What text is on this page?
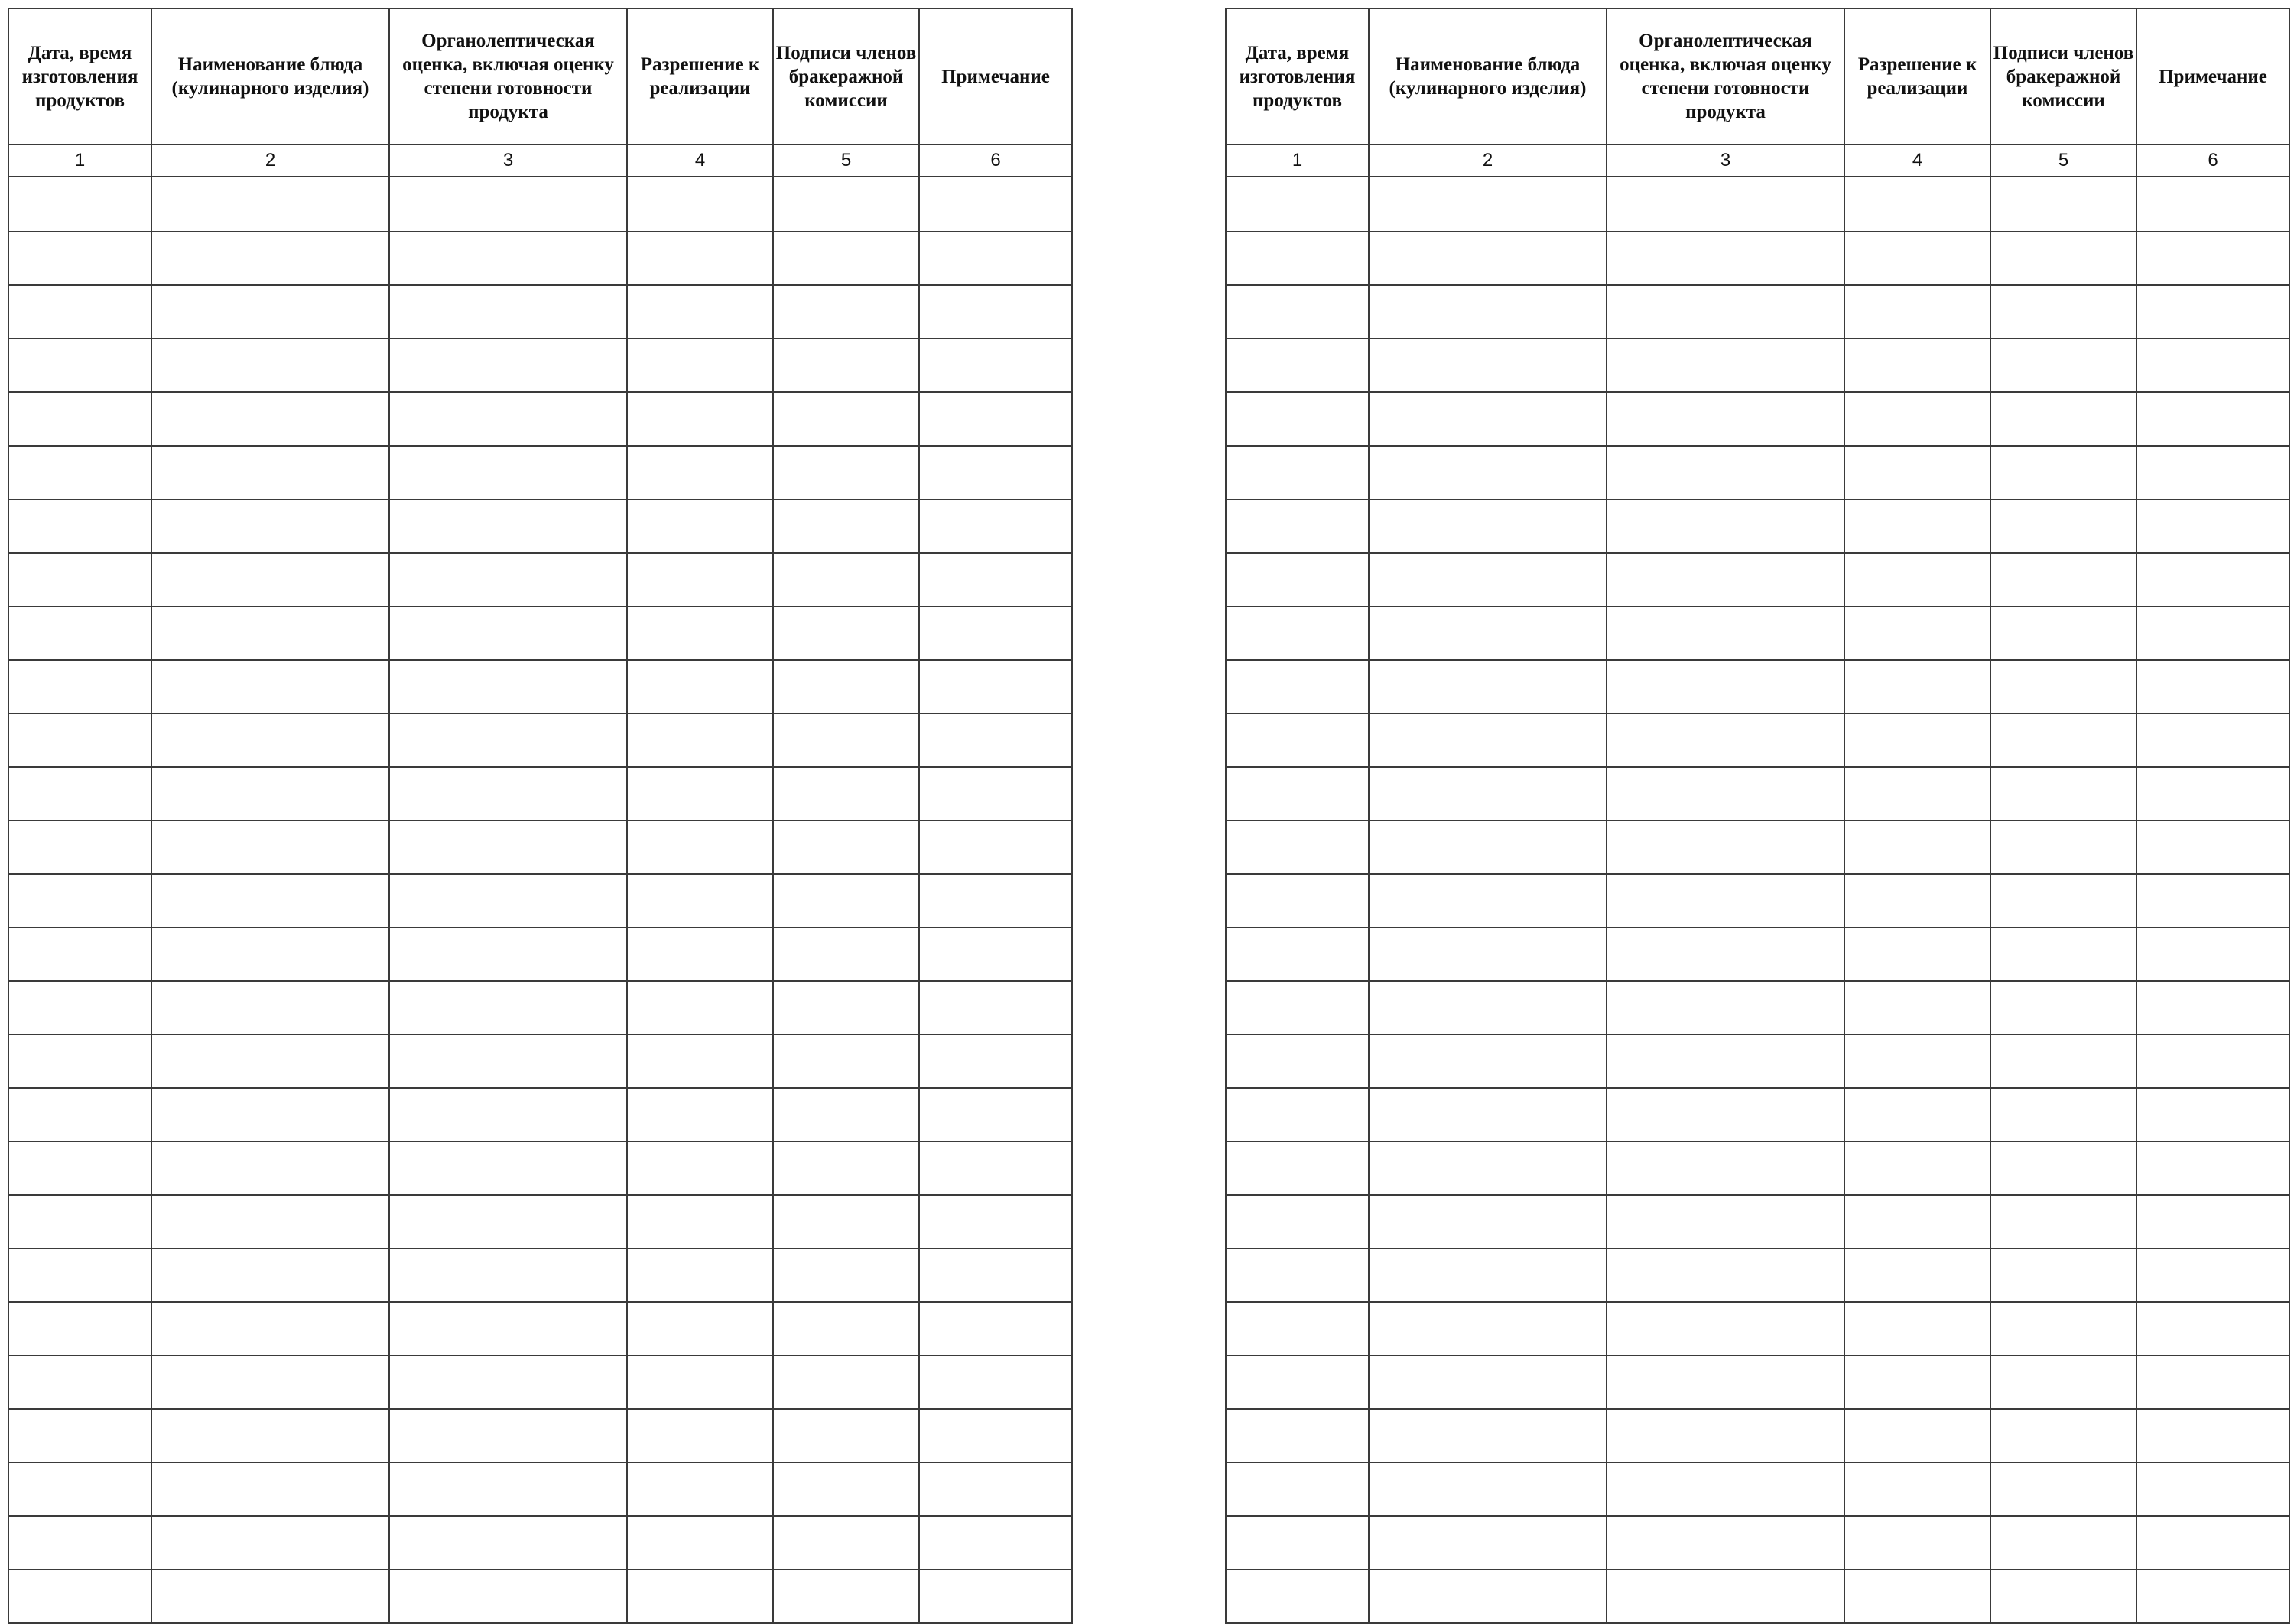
Дата, время изготовления продуктов	Наименование блюда (кулинарного изделия)	Органолептическая оценка, включая оценку степени готовности продукта	Разрешение к реализации	Подписи членов бракеражной комиссии	Примечание
1	2	3	4	5	6

Дата, время изготовления продуктов	Наименование блюда (кулинарного изделия)	Органолептическая оценка, включая оценку степени готовности продукта	Разрешение к реализации	Подписи членов бракеражной комиссии	Примечание
1	2	3	4	5	6
